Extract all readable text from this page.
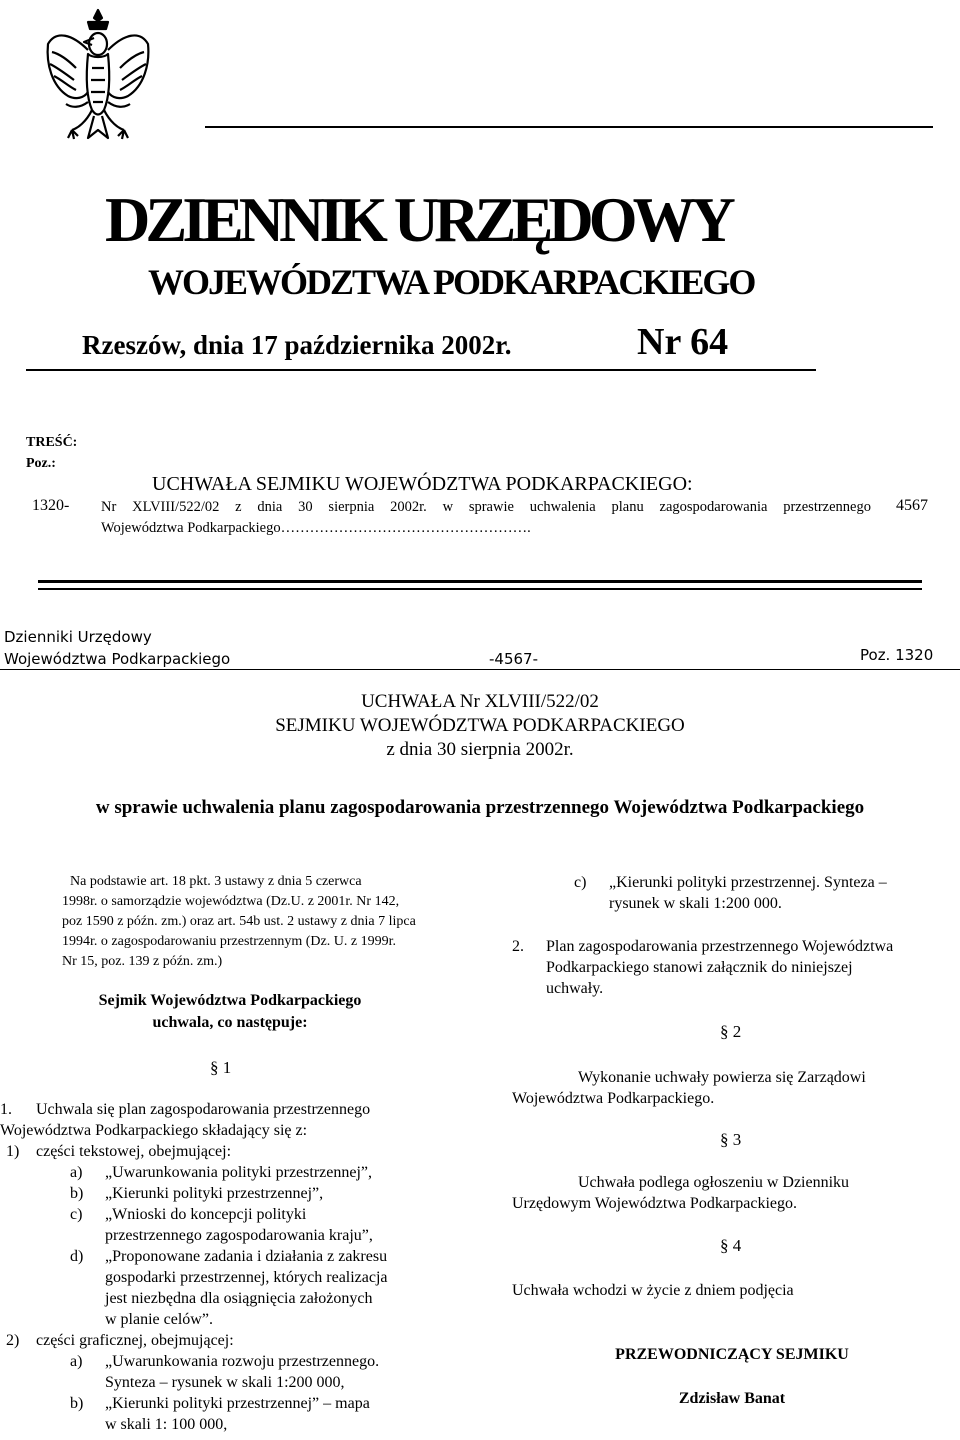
DZIENNIK URZĘDOWY
WOJEWÓDZTWA PODKARPACKIEGO
Rzeszów, dnia 17 października 2002r.	Nr 64
TREŚĆ:
Poz.:
UCHWAŁA SEJMIKU WOJEWÓDZTWA PODKARPACKIEGO:
1320- Nr XLVIII/522/02 z dnia 30 sierpnia 2002r. w sprawie uchwalenia planu zagospodarowania przestrzennego
Województwa Podkarpackiego…………………………………………….
4567
Dzienniki Urzędowy
Województwa Podkarpackiego	-4567-	Poz. 1320
UCHWAŁA Nr XLVIII/522/02
SEJMIKU WOJEWÓDZTWA PODKARPACKIEGO
z dnia 30 sierpnia 2002r.
w sprawie uchwalenia planu zagospodarowania przestrzennego Województwa Podkarpackiego
Na podstawie art. 18 pkt. 3 ustawy z dnia 5 czerwca
1998r. o samorządzie województwa (Dz.U. z 2001r. Nr 142,
poz 1590 z późn. zm.) oraz art. 54b ust. 2 ustawy z dnia 7 lipca
1994r. o zagospodarowaniu przestrzennym (Dz. U. z 1999r.
Nr 15, poz. 139 z późn. zm.)
Sejmik Województwa Podkarpackiego
uchwala, co następuje:
§ 1
1.	Uchwala się plan zagospodarowania przestrzennego
Województwa Podkarpackiego składający się z:
1)	części tekstowej, obejmującej:
a)	„Uwarunkowania polityki przestrzennej”,
b)	„Kierunki polityki przestrzennej”,
c)	„Wnioski do koncepcji polityki
przestrzennego zagospodarowania kraju”,
d)	„Proponowane zadania i działania z zakresu
gospodarki przestrzennej, których realizacja
jest niezbędna dla osiągnięcia założonych
w planie celów”.
2)	części graficznej, obejmującej:
a)	„Uwarunkowania rozwoju przestrzennego.
Synteza – rysunek w skali 1:200 000,
b)	„Kierunki polityki przestrzennej” – mapa
w skali 1: 100 000,
c)	„Kierunki polityki przestrzennej. Synteza –
rysunek w skali 1:200 000.
2.	Plan zagospodarowania przestrzennego Województwa
Podkarpackiego stanowi załącznik do niniejszej
uchwały.
§ 2
Wykonanie uchwały powierza się Zarządowi
Województwa Podkarpackiego.
§ 3
Uchwała podlega ogłoszeniu w Dzienniku
Urzędowym Województwa Podkarpackiego.
§ 4
Uchwała wchodzi w życie z dniem podjęcia
PRZEWODNICZĄCY SEJMIKU
Zdzisław Banat
